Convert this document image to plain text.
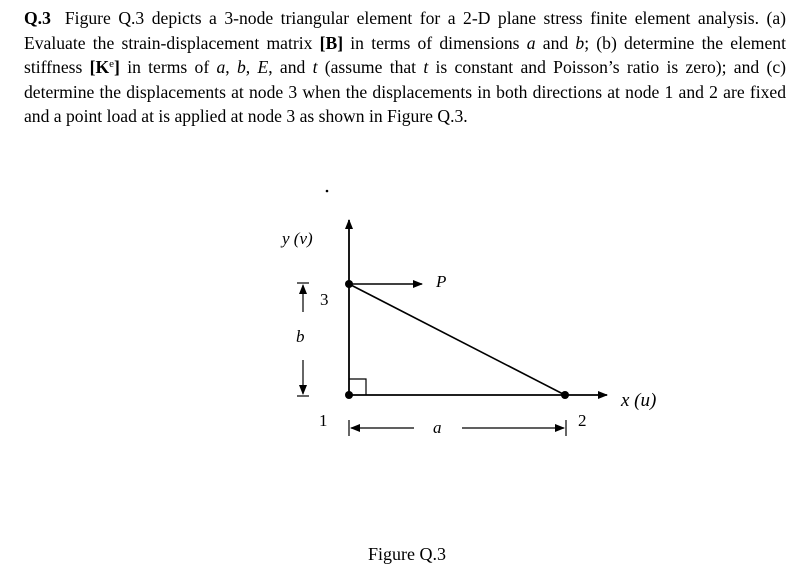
Q.3 Figure Q.3 depicts a 3-node triangular element for a 2-D plane stress finite element analysis. (a) Evaluate the strain-displacement matrix [B] in terms of dimensions a and b; (b) determine the element stiffness $[K^e]$ in terms of a, b, E, and t (assume that t is constant and Poisson’s ratio is zero); and (c) determine the displacements at node 3 when the displacements in both directions at node 1 and 2 are fixed and a point load at is applied at node 3 as shown in Figure Q.3.
y (v)
x (u)
P
3
1	2
b
a
Figure Q.3
